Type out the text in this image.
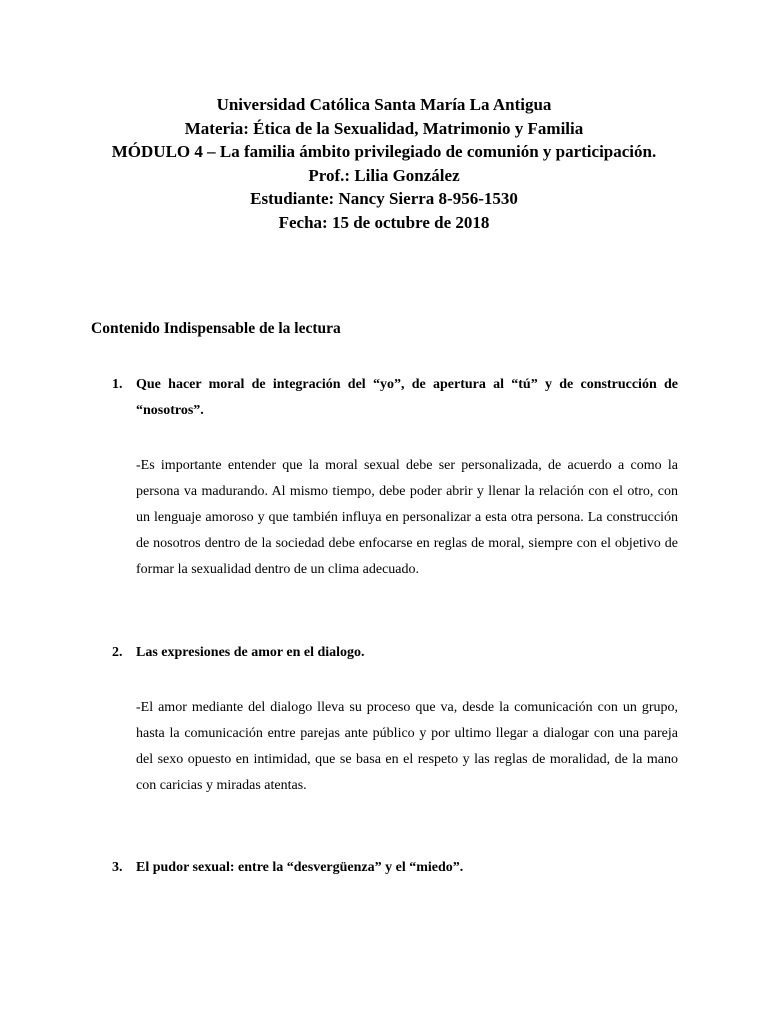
Universidad Católica Santa María La Antigua
Materia: Ética de la Sexualidad, Matrimonio y Familia
MÓDULO 4 – La familia ámbito privilegiado de comunión y participación.
Prof.: Lilia González
Estudiante: Nancy Sierra 8-956-1530
Fecha: 15 de octubre de 2018
Contenido Indispensable de la lectura
1. Que hacer moral de integración del “yo”, de apertura al “tú” y de construcción de “nosotros”.

-Es importante entender que la moral sexual debe ser personalizada, de acuerdo a como la persona va madurando. Al mismo tiempo, debe poder abrir y llenar la relación con el otro, con un lenguaje amoroso y que también influya en personalizar a esta otra persona. La construcción de nosotros dentro de la sociedad debe enfocarse en reglas de moral, siempre con el objetivo de formar la sexualidad dentro de un clima adecuado.

2. Las expresiones de amor en el dialogo.

-El amor mediante del dialogo lleva su proceso que va, desde la comunicación con un grupo, hasta la comunicación entre parejas ante público y por ultimo llegar a dialogar con una pareja del sexo opuesto en intimidad, que se basa en el respeto y las reglas de moralidad, de la mano con caricias y miradas atentas.

3. El pudor sexual: entre la “desvergüenza” y el “miedo”.
